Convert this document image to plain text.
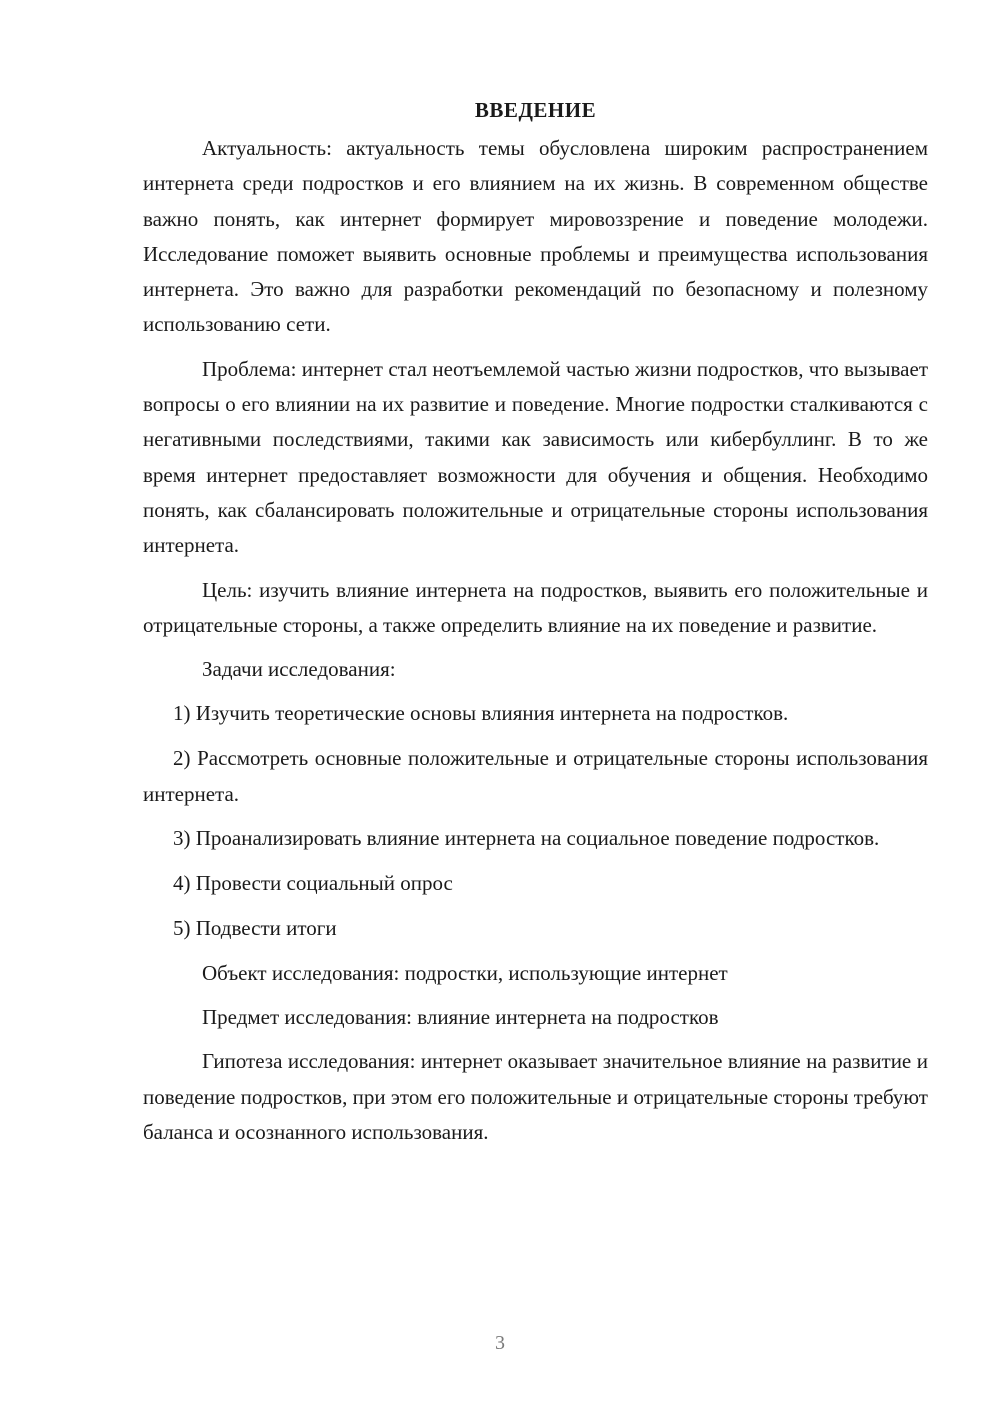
ВВЕДЕНИЕ

Актуальность: актуальность темы обусловлена широким распространением интернета среди подростков и его влиянием на их жизнь. В современном обществе важно понять, как интернет формирует мировоззрение и поведение молодежи. Исследование поможет выявить основные проблемы и преимущества использования интернета. Это важно для разработки рекомендаций по безопасному и полезному использованию сети.

Проблема: интернет стал неотъемлемой частью жизни подростков, что вызывает вопросы о его влиянии на их развитие и поведение. Многие подростки сталкиваются с негативными последствиями, такими как зависимость или кибербуллинг. В то же время интернет предоставляет возможности для обучения и общения. Необходимо понять, как сбалансировать положительные и отрицательные стороны использования интернета.

Цель: изучить влияние интернета на подростков, выявить его положительные и отрицательные стороны, а также определить влияние на их поведение и развитие.

Задачи исследования:

1) Изучить теоретические основы влияния интернета на подростков.

2) Рассмотреть основные положительные и отрицательные стороны использования интернета.

3) Проанализировать влияние интернета на социальное поведение подростков.

4) Провести социальный опрос

5) Подвести итоги

Объект исследования: подростки, использующие интернет

Предмет исследования: влияние интернета на подростков

Гипотеза исследования: интернет оказывает значительное влияние на развитие и поведение подростков, при этом его положительные и отрицательные стороны требуют баланса и осознанного использования.

3
